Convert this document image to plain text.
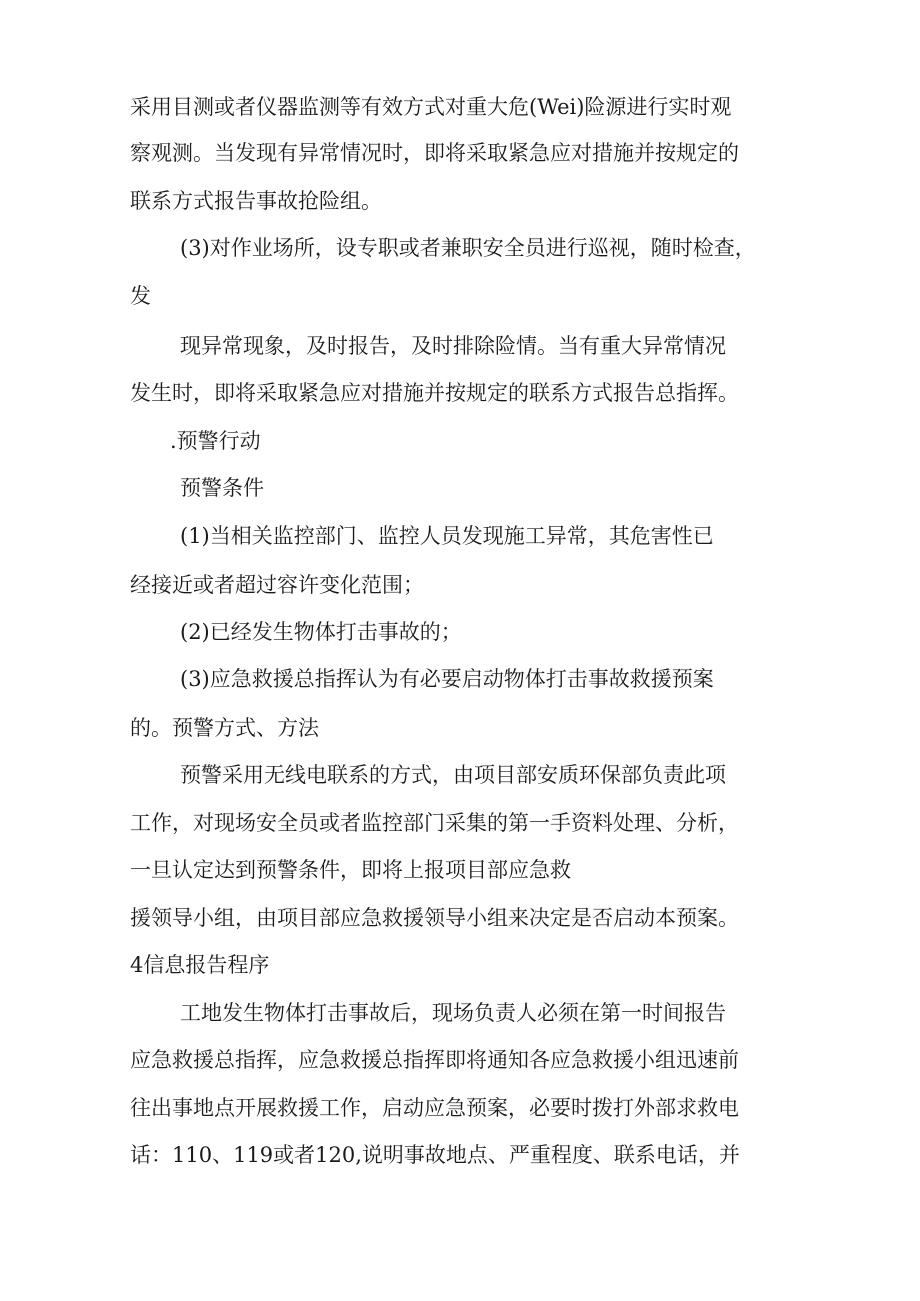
采用目测或者仪器监测等有效方式对重大危(Wei)险源进行实时观
察观测。当发现有异常情况时，即将采取紧急应对措施并按规定的
联系方式报告事故抢险组。
(3)对作业场所，设专职或者兼职安全员进行巡视，随时检查，
发
现异常现象，及时报告，及时排除险情。当有重大异常情况
发生时，即将采取紧急应对措施并按规定的联系方式报告总指挥。
.预警行动
预警条件
(1)当相关监控部门、监控人员发现施工异常，其危害性已
经接近或者超过容许变化范围；
(2)已经发生物体打击事故的；
(3)应急救援总指挥认为有必要启动物体打击事故救援预案
的。预警方式、方法
预警采用无线电联系的方式，由项目部安质环保部负责此项
工作，对现场安全员或者监控部门采集的第一手资料处理、分析，
一旦认定达到预警条件，即将上报项目部应急救
援领导小组，由项目部应急救援领导小组来决定是否启动本预案。
4信息报告程序
工地发生物体打击事故后，现场负责人必须在第一时间报告
应急救援总指挥，应急救援总指挥即将通知各应急救援小组迅速前
往出事地点开展救援工作，启动应急预案，必要时拨打外部求救电
话：110、119或者120,说明事故地点、严重程度、联系电话，并
